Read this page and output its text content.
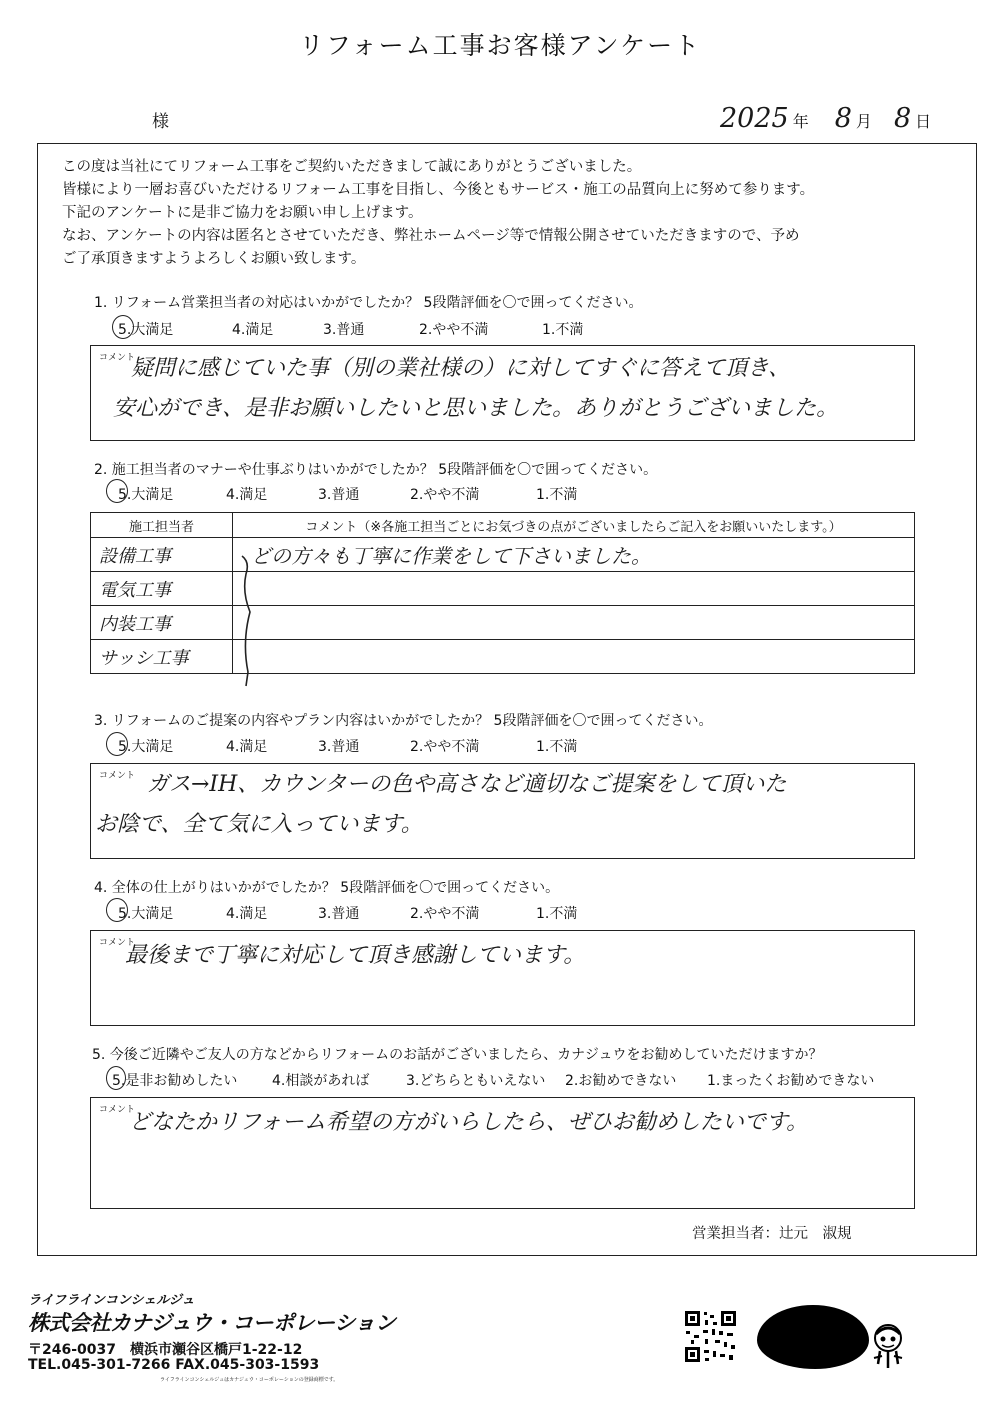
リフォーム工事お客様アンケート
様	2025 年 8 月 8 日
この度は当社にてリフォーム工事をご契約いただきまして誠にありがとうございました。
皆様により一層お喜びいただけるリフォーム工事を目指し、今後ともサービス・施工の品質向上に努めて参ります。
下記のアンケートに是非ご協力をお願い申し上げます。
なお、アンケートの内容は匿名とさせていただき、弊社ホームページ等で情報公開させていただきますので、予め
ご了承頂きますようよろしくお願い致します。
1. リフォーム営業担当者の対応はいかがでしたか？ 5段階評価を〇で囲ってください。
5.大満足	4.満足	3.普通	2.やや不満	1.不満
コメント
疑問に感じていた事（別の業社様の）に対してすぐに答えて頂き、
安心ができ、是非お願いしたいと思いました。ありがとうございました。
2. 施工担当者のマナーや仕事ぶりはいかがでしたか？ 5段階評価を〇で囲ってください。
5.大満足	4.満足	3.普通	2.やや不満	1.不満
施工担当者	コメント（※各施工担当ごとにお気づきの点がございましたらご記入をお願いいたします。）
設備工事	どの方々も丁寧に作業をして下さいました。
電気工事	
内装工事	
サッシ工事	
3. リフォームのご提案の内容やプラン内容はいかがでしたか？ 5段階評価を〇で囲ってください。
5.大満足	4.満足	3.普通	2.やや不満	1.不満
コメント ガス→IH、カウンターの色や高さなど適切なご提案をして頂いた
お陰で、全て気に入っています。
4. 全体の仕上がりはいかがでしたか？ 5段階評価を〇で囲ってください。
5.大満足	4.満足	3.普通	2.やや不満	1.不満
コメント
最後まで丁寧に対応して頂き感謝しています。
5. 今後ご近隣やご友人の方などからリフォームのお話がございましたら、カナジュウをお勧めしていただけますか？
5.是非お勧めしたい 4.相談があれば	3.どちらともいえない 2.お勧めできない 1.まったくお勧めできない
コメント
どなたかリフォーム希望の方がいらしたら、ぜひお勧めしたいです。
営業担当者：辻元　淑規
ライフラインコンシェルジュ
株式会社カナジュウ・コーポレーション
〒246-0037　横浜市瀬谷区橋戸1-22-12
TEL.045-301-7266 FAX.045-303-1593
ライフラインコンシェルジュはカナジュウ・コーポレーションの登録商標です。
